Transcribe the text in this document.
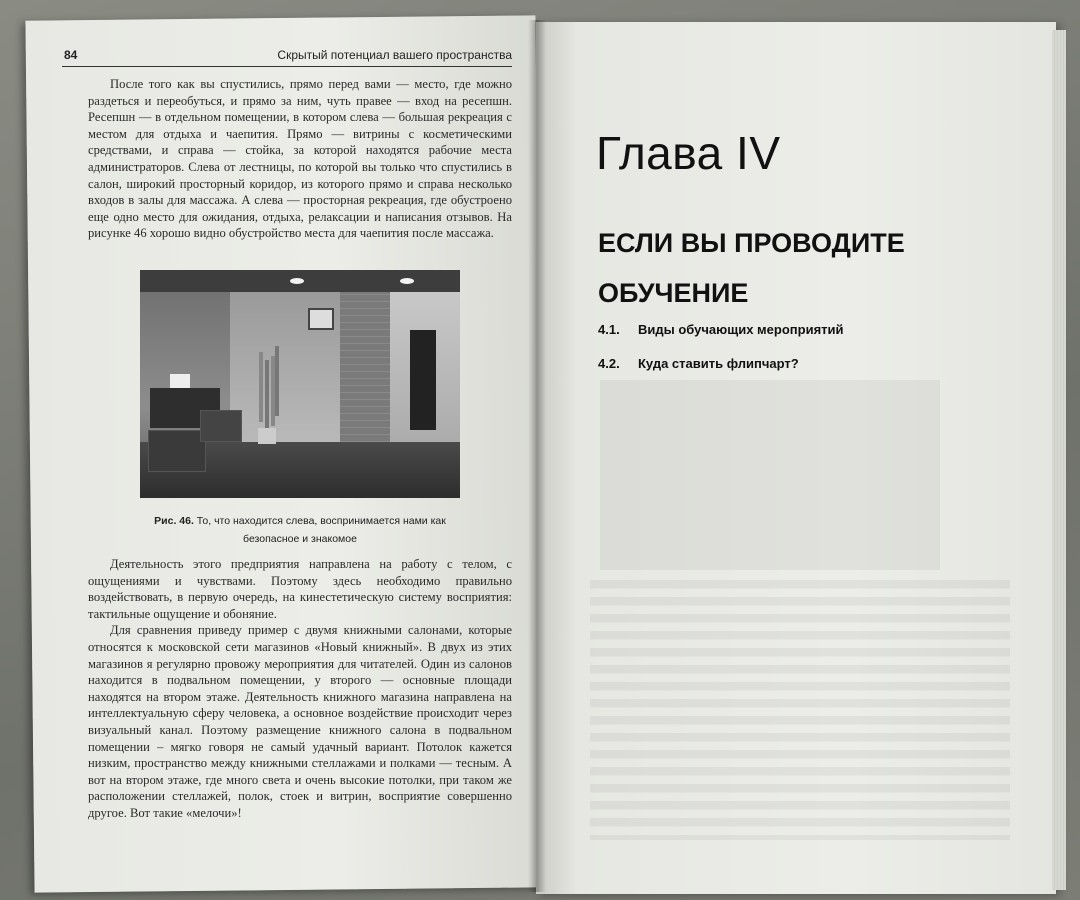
84	Скрытый потенциал вашего пространства

После того как вы спустились, прямо перед вами — место, где можно раздеться и переобуться, и прямо за ним, чуть правее — вход на ресепшн. Ресепшн — в отдельном помещении, в котором слева — большая рекреация с местом для отдыха и чаепития. Прямо — витрины с косметическими средствами, и справа — стойка, за которой находятся рабочие места администраторов. Слева от лестницы, по которой вы только что спустились в салон, широкий просторный коридор, из которого прямо и справа несколько входов в залы для массажа. А слева — просторная рекреация, где обустроено еще одно место для ожидания, отдыха, релаксации и написания отзывов. На рисунке 46 хорошо видно обустройство места для чаепития после массажа.

Рис. 46. То, что находится слева, воспринимается нами как безопасное и знакомое

Деятельность этого предприятия направлена на работу с телом, с ощущениями и чувствами. Поэтому здесь необходимо правильно воздействовать, в первую очередь, на кинестетическую систему восприятия: тактильные ощущение и обоняние.

Для сравнения приведу пример с двумя книжными салонами, которые относятся к московской сети магазинов «Новый книжный». В двух из этих магазинов я регулярно провожу мероприятия для читателей. Один из салонов находится в подвальном помещении, у второго — основные площади находятся на втором этаже. Деятельность книжного магазина направлена на интеллектуальную сферу человека, а основное воздействие происходит через визуальный канал. Поэтому размещение книжного салона в подвальном помещении – мягко говоря не самый удачный вариант. Потолок кажется низким, пространство между книжными стеллажами и полками — тесным. А вот на втором этаже, где много света и очень высокие потолки, при таком же расположении стеллажей, полок, стоек и витрин, восприятие совершенно другое. Вот такие «мелочи»!

Глава IV
ЕСЛИ ВЫ ПРОВОДИТЕ ОБУЧЕНИЕ
4.1.	Виды обучающих мероприятий
4.2.	Куда ставить флипчарт?
